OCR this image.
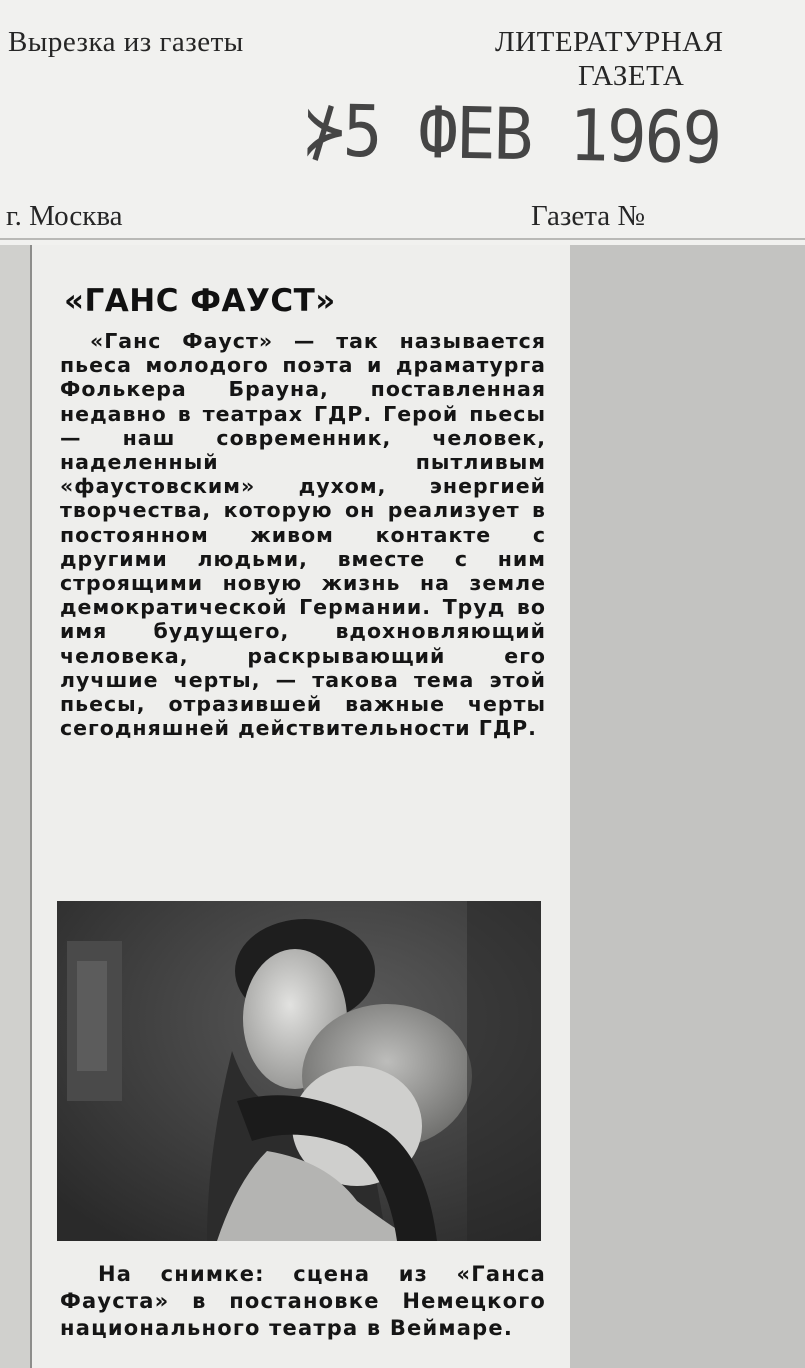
Вырезка из газеты	ЛИТЕРАТУРНАЯ
ГАЗЕТА
⊁5 ФЕВ 1969
г. Москва	Газета №
«ГАНС ФАУСТ»

«Ганс Фауст» — так называется пьеса молодого поэта и драматурга Фолькера Брауна, поставленная недавно в театрах ГДР. Герой пьесы — наш современник, человек, наделенный пытливым «фаустовским» духом, энергией творчества, которую он реализует в постоянном живом контакте с другими людьми, вместе с ним строящими новую жизнь на земле демократической Германии. Труд во имя будущего, вдохновляющий человека, раскрывающий его лучшие черты, — такова тема этой пьесы, отразившей важные черты сегодняшней действительности ГДР.

На снимке: сцена из «Ганса Фауста» в постановке Немецкого национального театра в Веймаре.
